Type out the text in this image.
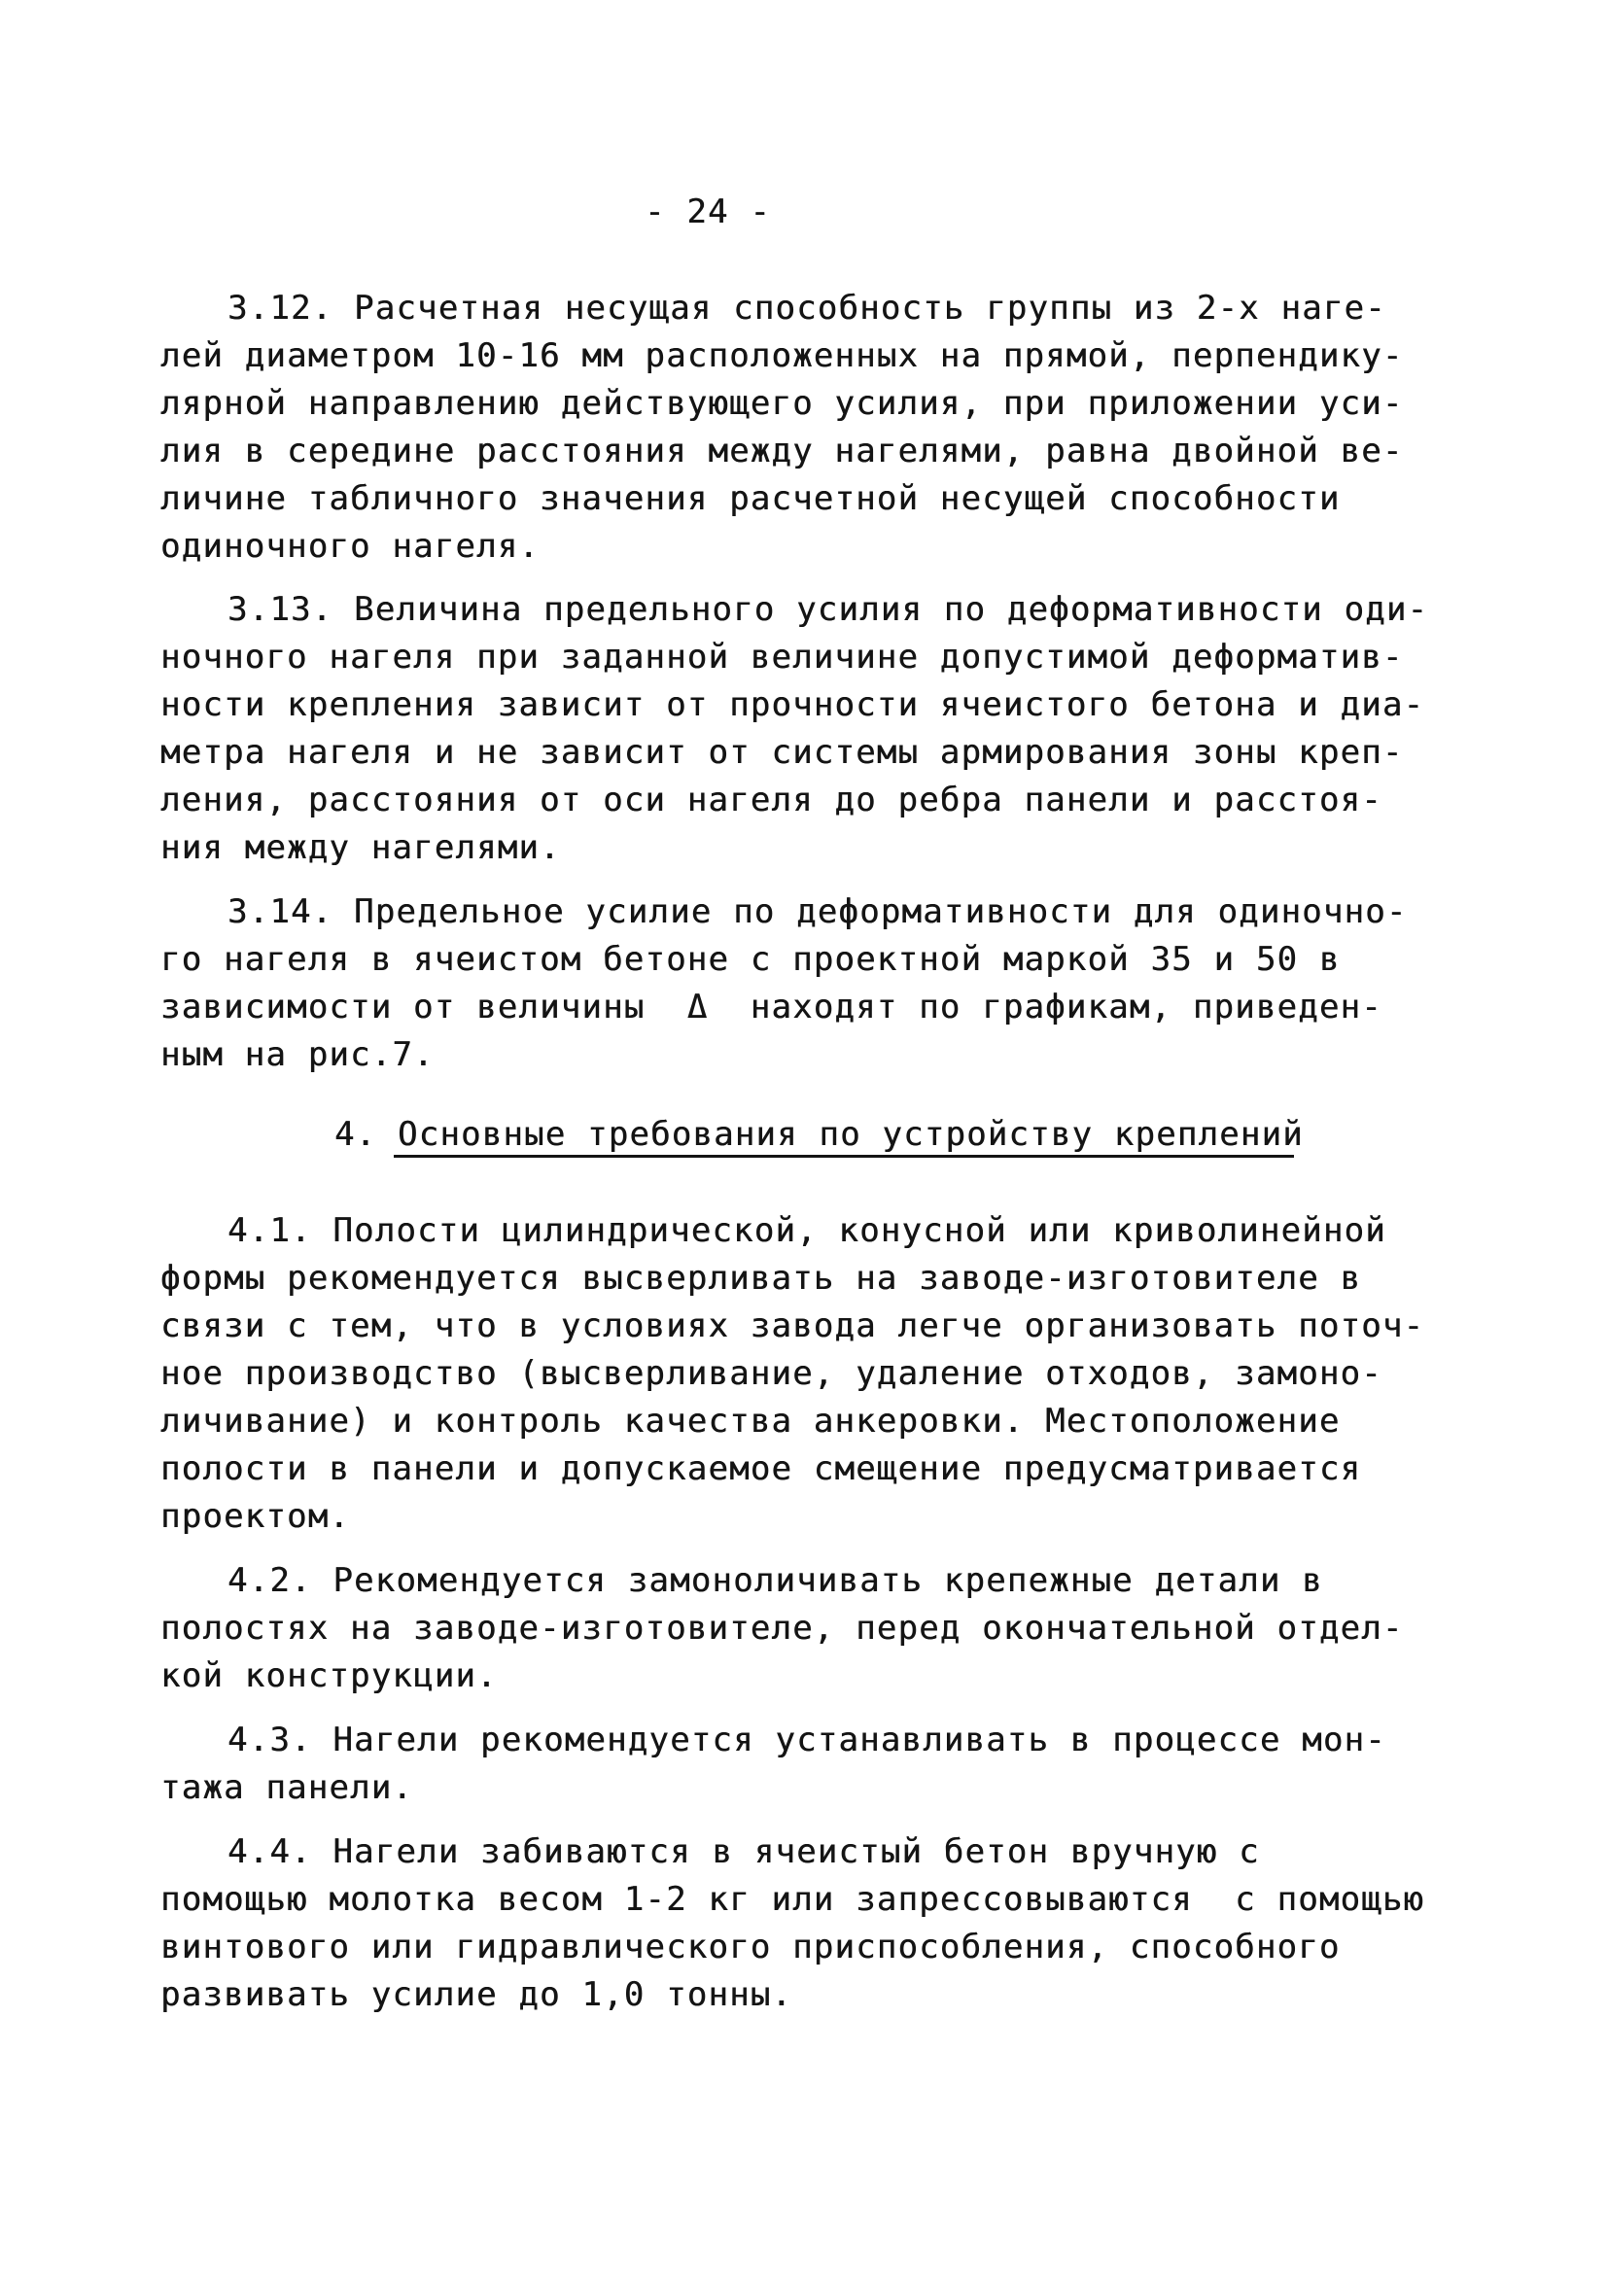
- 24 -
3.12. Расчетная несущая способность группы из 2-х наге-
лей диаметром 10-16 мм расположенных на прямой, перпендику-
лярной направлению действующего усилия, при приложении уси-
лия в середине расстояния между нагелями, равна двойной ве-
личине табличного значения расчетной несущей способности
одиночного нагеля.
3.13. Величина предельного усилия по деформативности оди-
ночного нагеля при заданной величине допустимой деформатив-
ности крепления зависит от прочности ячеистого бетона и диа-
метра нагеля и не зависит от системы армирования зоны креп-
ления, расстояния от оси нагеля до ребра панели и расстоя-
ния между нагелями.
3.14. Предельное усилие по деформативности для одиночно-
го нагеля в ячеистом бетоне с проектной маркой 35 и 50 в
зависимости от величины  Δ  находят по графикам, приведен-
ным на рис.7.
4. Основные требования по устройству креплений
4.1. Полости цилиндрической, конусной или криволинейной
формы рекомендуется высверливать на заводе-изготовителе в
связи с тем, что в условиях завода легче организовать поточ-
ное производство (высверливание, удаление отходов, замоно-
личивание) и контроль качества анкеровки. Местоположение
полости в панели и допускаемое смещение предусматривается
проектом.
4.2. Рекомендуется замоноличивать крепежные детали в
полостях на заводе-изготовителе, перед окончательной отдел-
кой конструкции.
4.3. Нагели рекомендуется устанавливать в процессе мон-
тажа панели.
4.4. Нагели забиваются в ячеистый бетон вручную с
помощью молотка весом 1-2 кг или запрессовываются  с помощью
винтового или гидравлического приспособления, способного
развивать усилие до 1,0 тонны.
